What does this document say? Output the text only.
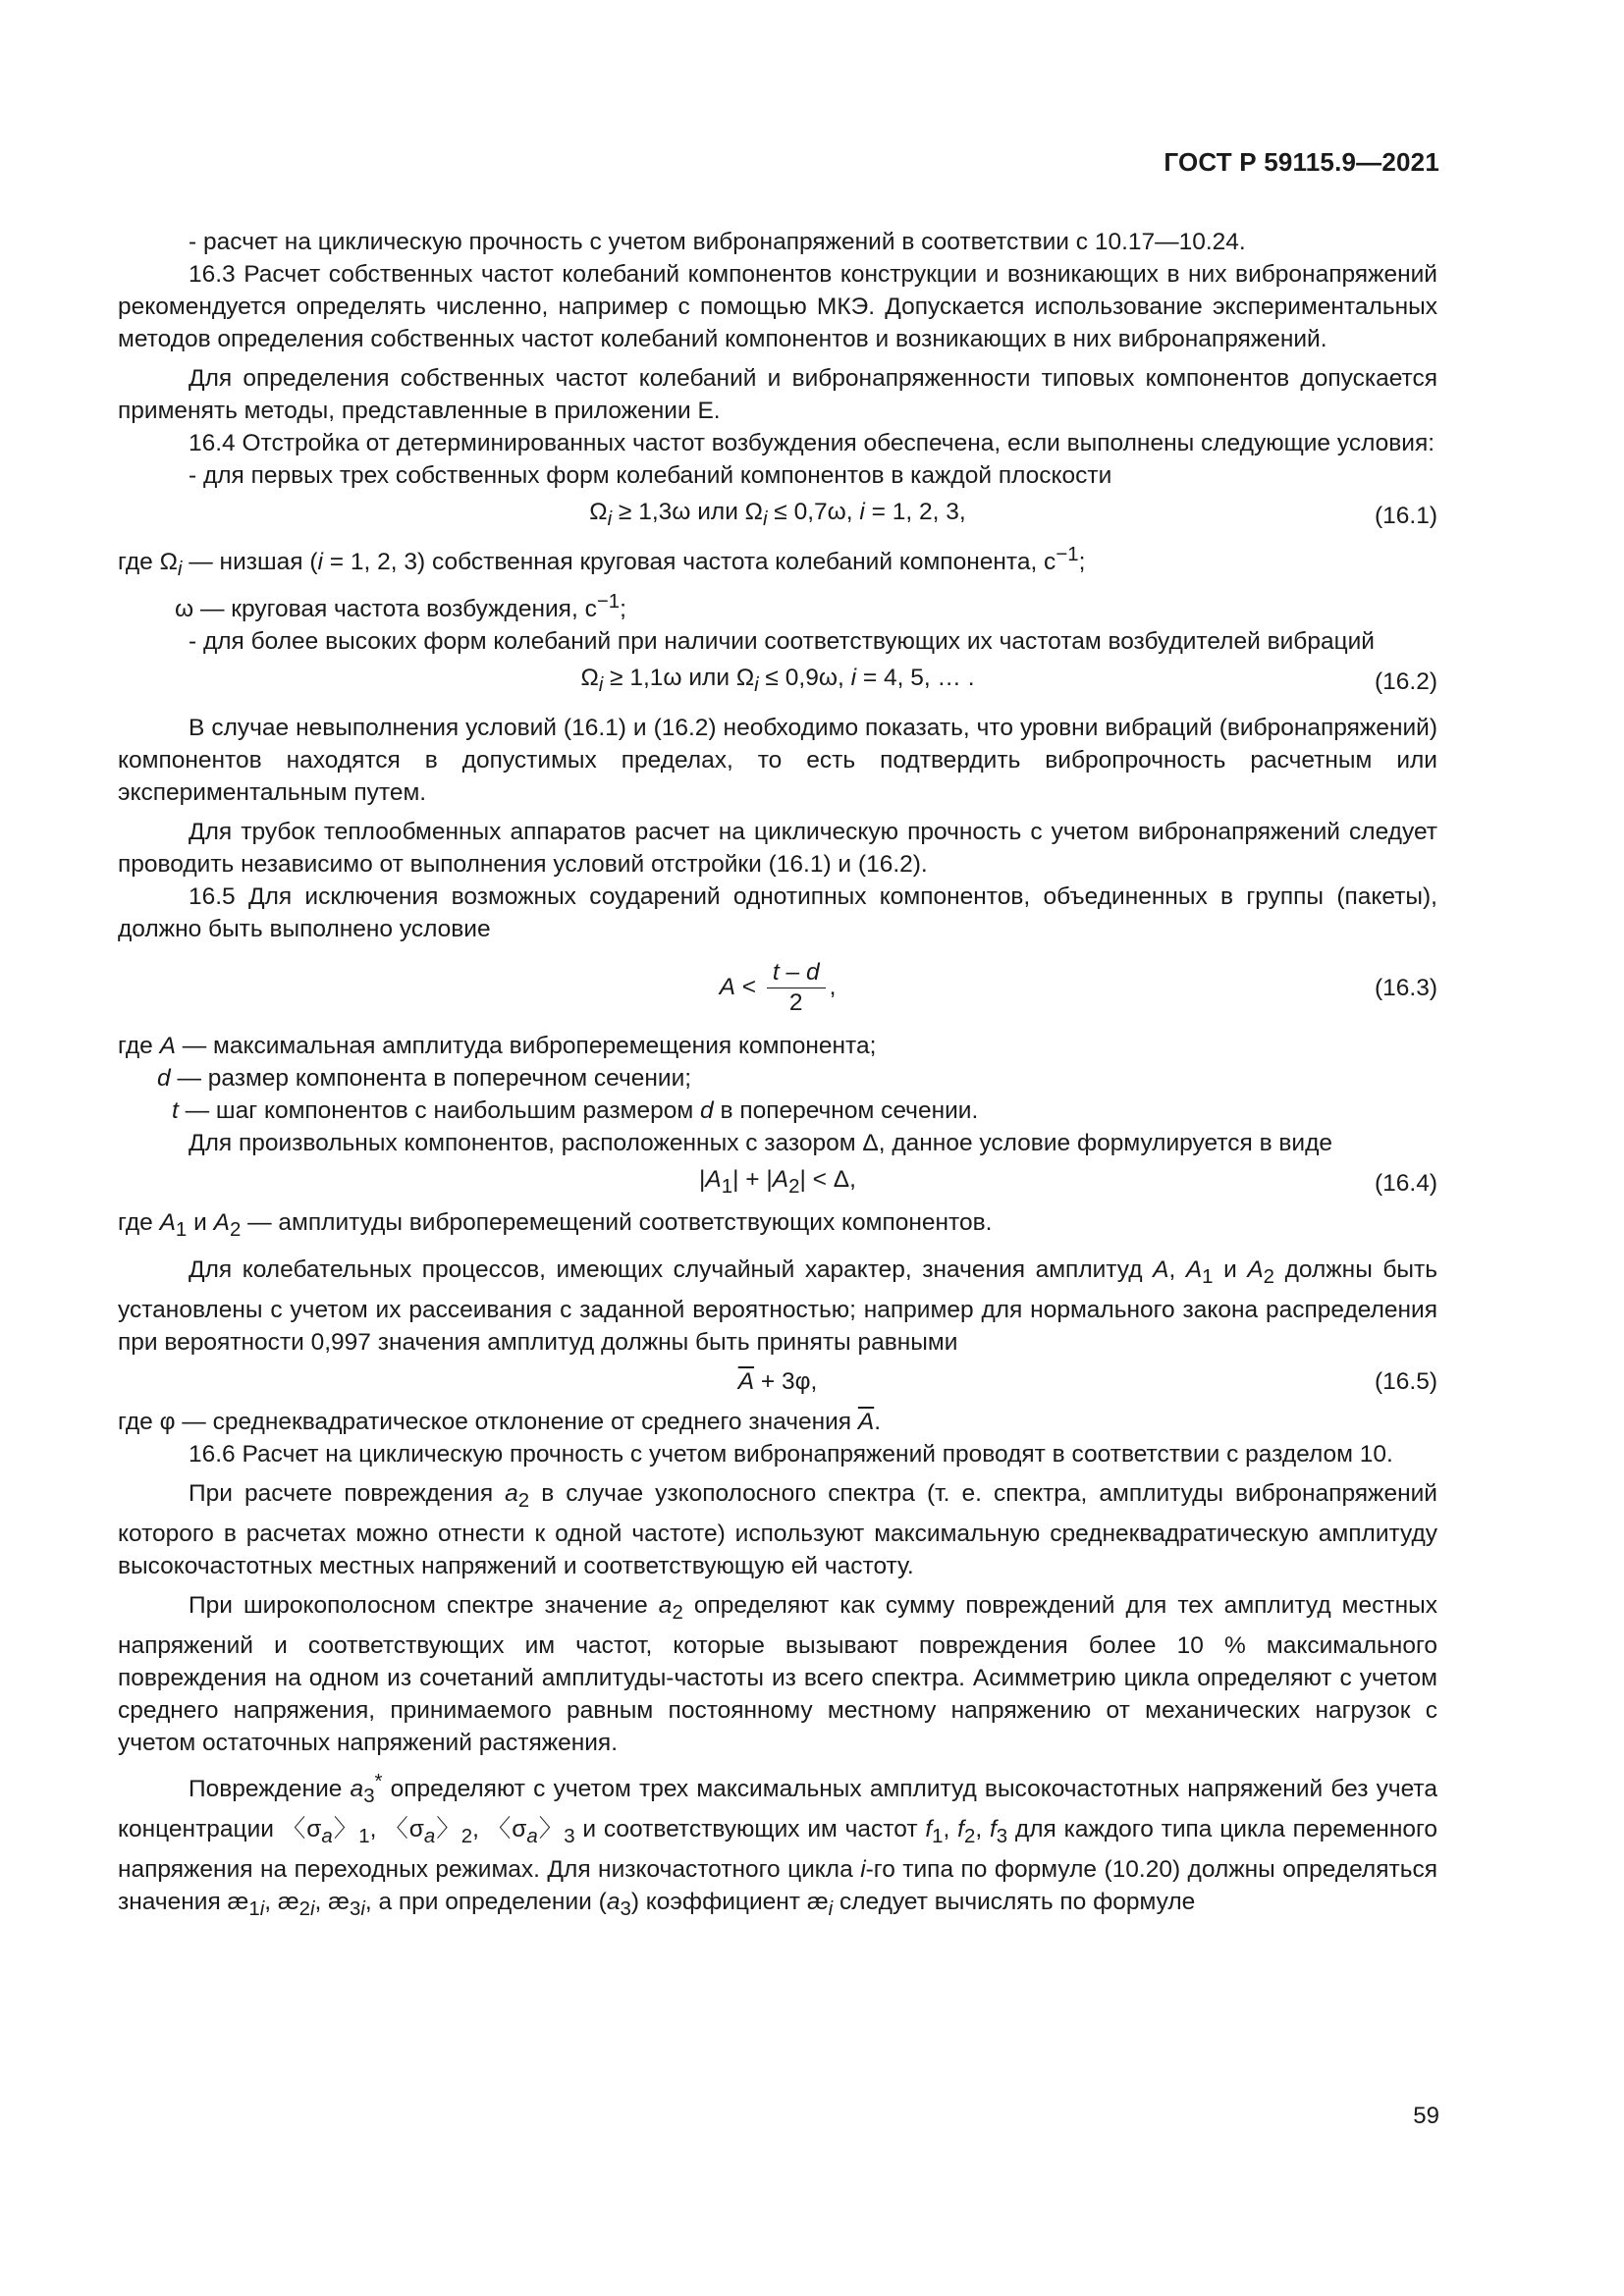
ГОСТ Р 59115.9—2021

- расчет на циклическую прочность с учетом вибронапряжений в соответствии с 10.17—10.24.

16.3 Расчет собственных частот колебаний компонентов конструкции и возникающих в них вибронапряжений рекомендуется определять численно, например с помощью МКЭ. Допускается использование экспериментальных методов определения собственных частот колебаний компонентов и возникающих в них вибронапряжений.

Для определения собственных частот колебаний и вибронапряженности типовых компонентов допускается применять методы, представленные в приложении Е.

16.4 Отстройка от детерминированных частот возбуждения обеспечена, если выполнены следующие условия:

- для первых трех собственных форм колебаний компонентов в каждой плоскости

$\Omega_i \ge 1,3\omega$ или $\Omega_i \le 0,7\omega$, i = 1, 2, 3,	(16.1)

где $\Omega_i$ — низшая (i = 1, 2, 3) собственная круговая частота колебаний компонента, $с^{-1}$;

ω — круговая частота возбуждения, $с^{-1}$;

- для более высоких форм колебаний при наличии соответствующих их частотам возбудителей вибраций

$\Omega_i \ge 1,1\omega$ или $\Omega_i \le 0,9\omega$, i = 4, 5, … .	(16.2)

В случае невыполнения условий (16.1) и (16.2) необходимо показать, что уровни вибраций (вибронапряжений) компонентов находятся в допустимых пределах, то есть подтвердить вибропрочность расчетным или экспериментальным путем.

Для трубок теплообменных аппаратов расчет на циклическую прочность с учетом вибронапряжений следует проводить независимо от выполнения условий отстройки (16.1) и (16.2).

16.5 Для исключения возможных соударений однотипных компонентов, объединенных в группы (пакеты), должно быть выполнено условие

$A < \frac{t - d}{2}$ ,	(16.3)

где A — максимальная амплитуда виброперемещения компонента;

d — размер компонента в поперечном сечении;

t — шаг компонентов с наибольшим размером d в поперечном сечении.

Для произвольных компонентов, расположенных с зазором Δ, данное условие формулируется в виде

$|A_1| + |A_2| < \Delta$,	(16.4)

где $A_1$ и $A_2$ — амплитуды виброперемещений соответствующих компонентов.

Для колебательных процессов, имеющих случайный характер, значения амплитуд A, $A_1$ и $A_2$ должны быть установлены с учетом их рассеивания с заданной вероятностью; например для нормального закона распределения при вероятности 0,997 значения амплитуд должны быть приняты равными

$\overline{A} + 3\varphi$,	(16.5)

где φ — среднеквадратическое отклонение от среднего значения $\overline{A}$.

16.6 Расчет на циклическую прочность с учетом вибронапряжений проводят в соответствии с разделом 10.

При расчете повреждения $a_2$ в случае узкополосного спектра (т. е. спектра, амплитуды вибронапряжений которого в расчетах можно отнести к одной частоте) используют максимальную среднеквадратическую амплитуду высокочастотных местных напряжений и соответствующую ей частоту.

При широкополосном спектре значение $a_2$ определяют как сумму повреждений для тех амплитуд местных напряжений и соответствующих им частот, которые вызывают повреждения более 10 % максимального повреждения на одном из сочетаний амплитуды-частоты из всего спектра. Асимметрию цикла определяют с учетом среднего напряжения, принимаемого равным постоянному местному напряжению от механических нагрузок с учетом остаточных напряжений растяжения.

Повреждение $a_3^*$ определяют с учетом трех максимальных амплитуд высокочастотных напряжений без учета концентрации 〈$\sigma_a$〉$_1$, 〈$\sigma_a$〉$_2$, 〈$\sigma_a$〉$_3$ и соответствующих им частот $f_1$, $f_2$, $f_3$ для каждого типа цикла переменного напряжения на переходных режимах. Для низкочастотного цикла i-го типа по формуле (10.20) должны определяться значения $æ_{1i}$, $æ_{2i}$, $æ_{3i}$, а при определении $(a_3)$ коэффициент $æ_i$ следует вычислять по формуле

59
